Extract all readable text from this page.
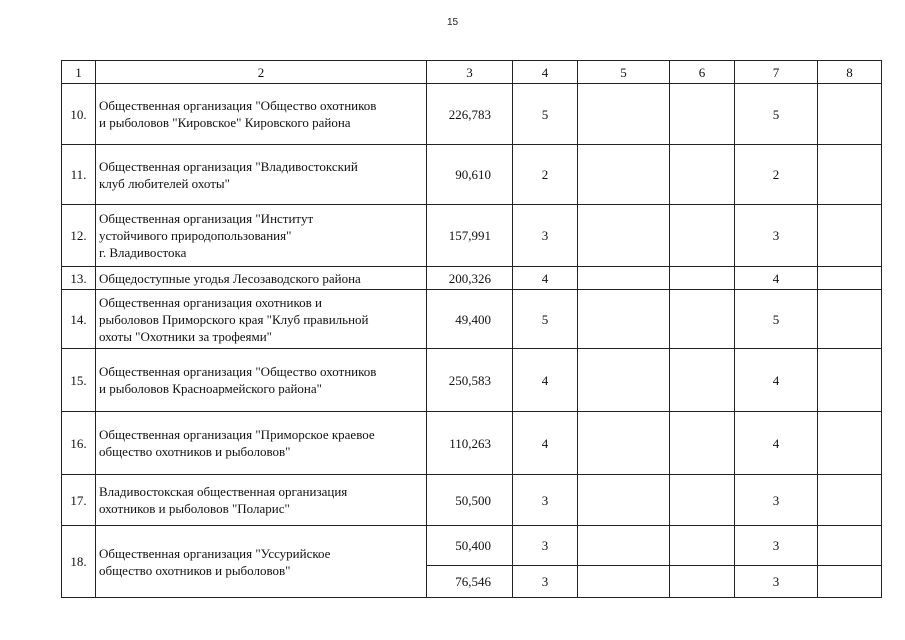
15
1	2	3	4	5	6	7	8
10.	Общественная организация "Общество охотников
и рыболовов "Кировское" Кировского района	226,783	5			5	
11.	Общественная организация "Владивостокский
клуб любителей охоты"	90,610	2			2	
12.	Общественная организация "Институт
устойчивого природопользования"
г. Владивостока	157,991	3			3	
13.	Общедоступные угодья Лесозаводского района	200,326	4			4	
14.	Общественная организация охотников и
рыболовов Приморского края "Клуб правильной
охоты "Охотники за трофеями"	49,400	5			5	
15.	Общественная организация "Общество охотников
и рыболовов Красноармейского района"	250,583	4			4	
16.	Общественная организация "Приморское краевое
общество охотников и рыболовов"	110,263	4			4	
17.	Владивостокская общественная организация
охотников и рыболовов "Поларис"	50,500	3			3	
18.	Общественная организация "Уссурийское
общество охотников и рыболовов"	50,400	3			3	
		76,546	3			3	
